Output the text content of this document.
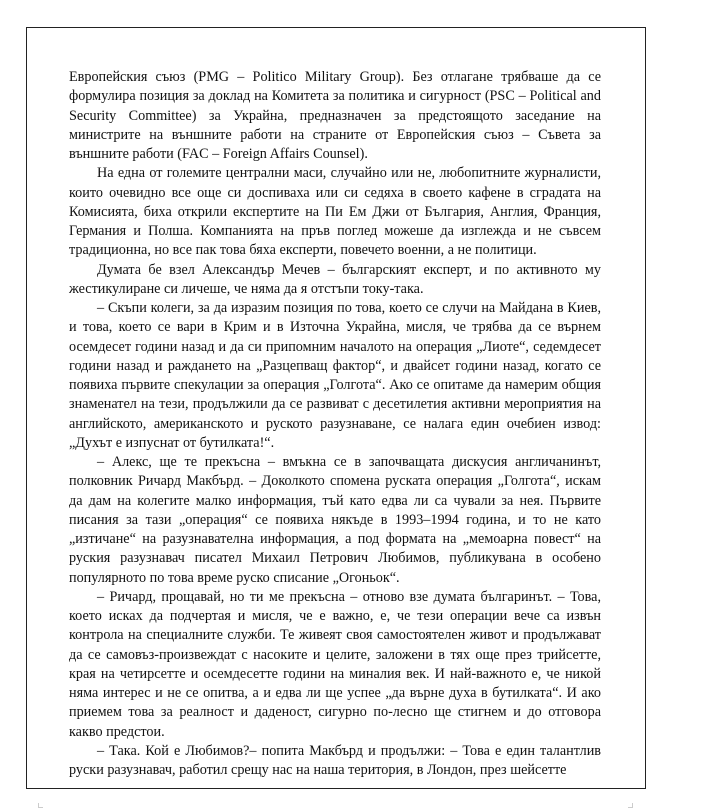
Европейския съюз (PMG – Politico Military Group). Без отлагане трябваше да се формулира позиция за доклад на Комитета за политика и сигурност (PSC – Political and Security Committee) за Украйна, предназначен за предстоящото заседание на министрите на външните работи на страните от Европейския съюз – Съвета за външните работи (FAC – Foreign Affairs Counsel).

На една от големите централни маси, случайно или не, любопитните журналисти, които очевидно все още си доспиваха или си седяха в своето кафене в сградата на Комисията, биха открили експертите на Пи Ем Джи от България, Англия, Франция, Германия и Полша. Компанията на пръв поглед можеше да изглежда и не съвсем традиционна, но все пак това бяха експерти, повечето военни, а не политици.

Думата бе взел Александър Мечев – българският експерт, и по активното му жестикулиране си личеше, че няма да я отстъпи току-така.

– Скъпи колеги, за да изразим позиция по това, което се случи на Майдана в Киев, и това, което се вари в Крим и в Източна Украйна, мисля, че трябва да се върнем осемдесет години назад и да си припомним началото на операция „Лиоте“, седемдесет години назад и раждането на „Разцепващ фактор“, и двайсет години назад, когато се появиха първите спекулации за операция „Голгота“. Ако се опитаме да намерим общия знаменател на тези, продължили да се развиват с десетилетия активни мероприятия на английското, американското и руското разузнаване, се налага един очебиен извод: „Духът е изпуснат от бутилката!“.

– Алекс, ще те прекъсна – вмъкна се в започващата дискусия англичанинът, полковник Ричард Макбърд. – Доколкото спомена руската операция „Голгота“, искам да дам на колегите малко информация, тъй като едва ли са чували за нея. Първите писания за тази „операция“ се появиха някъде в 1993–1994 година, и то не като „изтичане“ на разузнавателна информация, а под формата на „мемоарна повест“ на руския разузнавач писател Михаил Петрович Любимов, публикувана в особено популярното по това време руско списание „Огоньок“.

– Ричард, прощавай, но ти ме прекъсна – отново взе думата българинът. – Това, което исках да подчертая и мисля, че е важно, е, че тези операции вече са извън контрола на специалните служби. Те живеят своя самостоятелен живот и продължават да се самовъз-произвеждат с насоките и целите, заложени в тях още през трийсетте, края на четирсетте и осемдесетте години на миналия век. И най-важното е, че никой няма интерес и не се опитва, а и едва ли ще успее „да върне духа в бутилката“. И ако приемем това за реалност и даденост, сигурно по-лесно ще стигнем и до отговора какво предстои.

– Така. Кой е Любимов?– попита Макбърд и продължи: – Това е един талантлив руски разузнавач, работил срещу нас на наша територия, в Лондон, през шейсетте
